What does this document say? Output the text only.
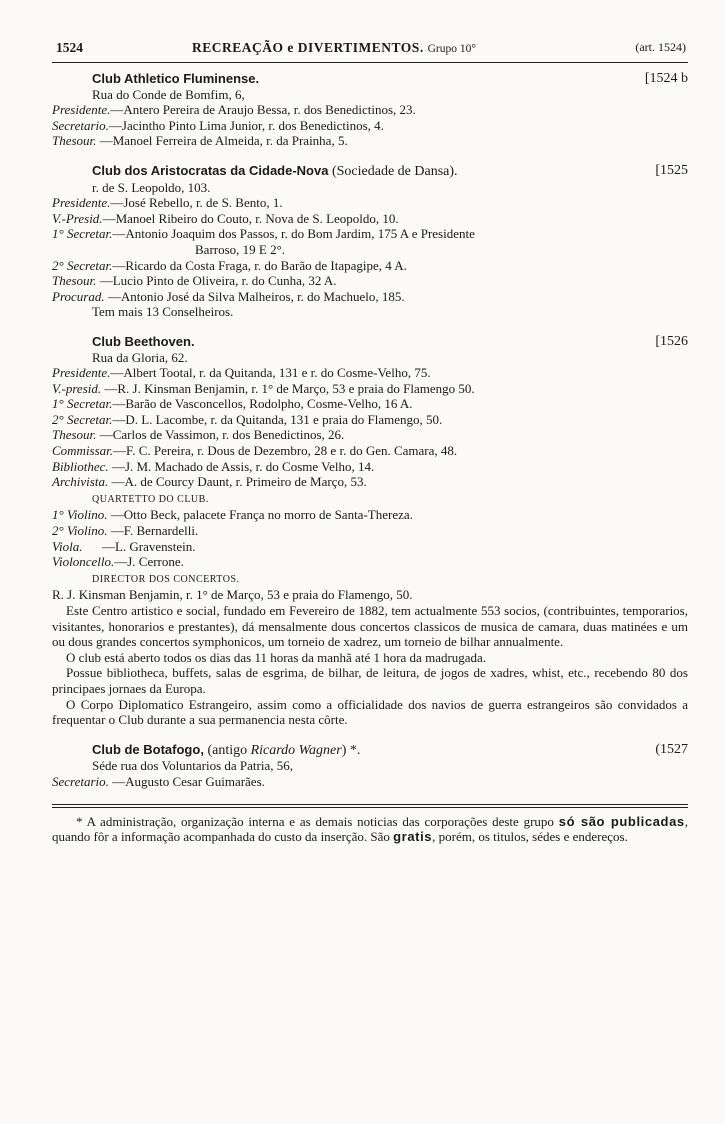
1524	RECREAÇÃO e DIVERTIMENTOS. Grupo 10°	(art. 1524)
Club Athletico Fluminense.	[1524 b
Rua do Conde de Bomfim, 6,
Presidente.—Antero Pereira de Araujo Bessa, r. dos Benedictinos, 23.
Secretario.—Jacintho Pinto Lima Junior, r. dos Benedictinos, 4.
Thesour. —Manoel Ferreira de Almeida, r. da Prainha, 5.
Club dos Aristocratas da Cidade-Nova (Sociedade de Dansa).	[1525
r. de S. Leopoldo, 103.
Presidente.—José Rebello, r. de S. Bento, 1.
V.-Presid.—Manoel Ribeiro do Couto, r. Nova de S. Leopoldo, 10.
1° Secretar.—Antonio Joaquim dos Passos, r. do Bom Jardim, 175 A e Presidente
Barroso, 19 E 2°.
2° Secretar.—Ricardo da Costa Fraga, r. do Barão de Itapagipe, 4 A.
Thesour. —Lucio Pinto de Oliveira, r. do Cunha, 32 A.
Procurad. —Antonio José da Silva Malheiros, r. do Machuelo, 185.
Tem mais 13 Conselheiros.
Club Beethoven.	[1526
Rua da Gloria, 62.
Presidente.—Albert Tootal, r. da Quitanda, 131 e r. do Cosme-Velho, 75.
V.-presid. —R. J. Kinsman Benjamin, r. 1° de Março, 53 e praia do Flamengo 50.
1° Secretar.—Barão de Vasconcellos, Rodolpho, Cosme-Velho, 16 A.
2° Secretar.—D. L. Lacombe, r. da Quitanda, 131 e praia do Flamengo, 50.
Thesour. —Carlos de Vassimon, r. dos Benedictinos, 26.
Commissar.—F. C. Pereira, r. Dous de Dezembro, 28 e r. do Gen. Camara, 48.
Bibliothec. —J. M. Machado de Assis, r. do Cosme Velho, 14.
Archivista. —A. de Courcy Daunt, r. Primeiro de Março, 53.
QUARTETTO DO CLUB.
1° Violino. —Otto Beck, palacete França no morro de Santa-Thereza.
2° Violino. —F. Bernardelli.
Viola.      —L. Gravenstein.
Violoncello.—J. Cerrone.
DIRECTOR DOS CONCERTOS.
R. J. Kinsman Benjamin, r. 1° de Março, 53 e praia do Flamengo, 50.
Este Centro artistico e social, fundado em Fevereiro de 1882, tem actualmente 553 socios, (contribuintes, temporarios, visitantes, honorarios e prestantes), dá mensalmente dous concertos classicos de musica de camara, duas matinées e um ou dous grandes concertos symphonicos, um torneio de xadrez, um torneio de bilhar annualmente.
O club está aberto todos os dias das 11 horas da manhã até 1 hora da madrugada.
Possue bibliotheca, buffets, salas de esgrima, de bilhar, de leitura, de jogos de xadres, whist, etc., recebendo 80 dos principaes jornaes da Europa.
O Corpo Diplomatico Estrangeiro, assim como a officialidade dos navios de guerra estrangeiros são convidados a frequentar o Club durante a sua permanencia nesta côrte.
Club de Botafogo, (antigo Ricardo Wagner) *.	(1527
Séde rua dos Voluntarios da Patria, 56,
Secretario. —Augusto Cesar Guimarães.
* A administração, organização interna e as demais noticias das corporações deste grupo só são publicadas, quando fôr a informação acompanhada do custo da inserção. São gratis, porém, os titulos, sédes e endereços.
